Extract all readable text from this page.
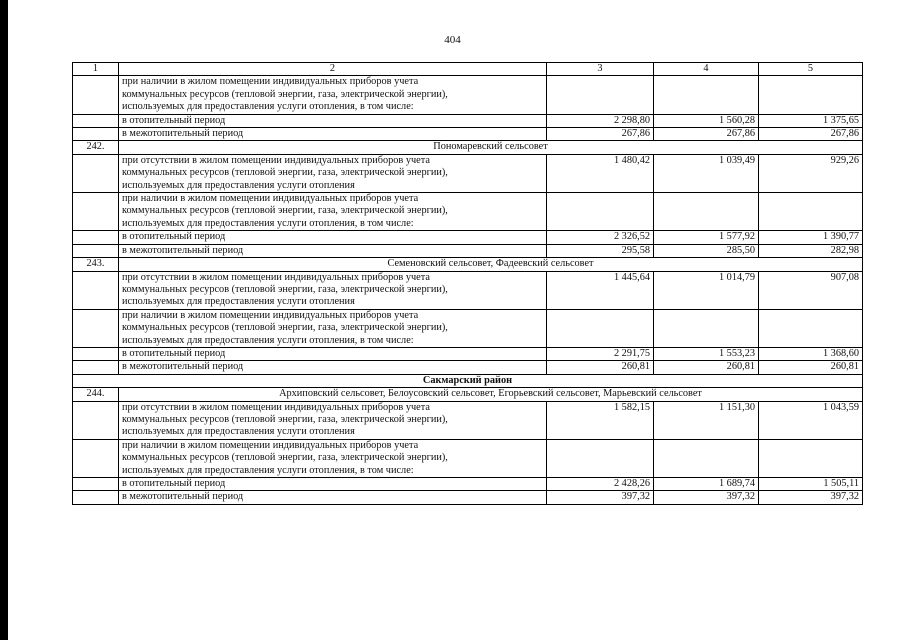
404
1	2	3	4	5

	при наличии в жилом помещении индивидуальных приборов учета
коммунальных ресурсов (тепловой энергии, газа, электрической энергии),
используемых для предоставления услуги отопления, в том числе:			

	в отопительный период	2 298,80	1 560,28	1 375,65
	в межотопительный период	267,86	267,86	267,86
242.	Пономаревский сельсовет			

	при отсутствии в жилом помещении индивидуальных приборов учета
коммунальных ресурсов (тепловой энергии, газа, электрической энергии),
используемых для предоставления услуги отопления	1 480,42	1 039,49	929,26

	при наличии в жилом помещении индивидуальных приборов учета
коммунальных ресурсов (тепловой энергии, газа, электрической энергии),
используемых для предоставления услуги отопления, в том числе:			

	в отопительный период	2 326,52	1 577,92	1 390,77
	в межотопительный период	295,58	285,50	282,98
243.	Семеновский сельсовет, Фадеевский сельсовет			

	при отсутствии в жилом помещении индивидуальных приборов учета
коммунальных ресурсов (тепловой энергии, газа, электрической энергии),
используемых для предоставления услуги отопления	1 445,64	1 014,79	907,08

	при наличии в жилом помещении индивидуальных приборов учета
коммунальных ресурсов (тепловой энергии, газа, электрической энергии),
используемых для предоставления услуги отопления, в том числе:			

	в отопительный период	2 291,75	1 553,23	1 368,60
	в межотопительный период	260,81	260,81	260,81
Сакмарский район				
244.	Архиповский сельсовет, Белоусовский сельсовет, Егорьевский сельсовет, Марьевский сельсовет			

	при отсутствии в жилом помещении индивидуальных приборов учета
коммунальных ресурсов (тепловой энергии, газа, электрической энергии),
используемых для предоставления услуги отопления	1 582,15	1 151,30	1 043,59

	при наличии в жилом помещении индивидуальных приборов учета
коммунальных ресурсов (тепловой энергии, газа, электрической энергии),
используемых для предоставления услуги отопления, в том числе:			

	в отопительный период	2 428,26	1 689,74	1 505,11
	в межотопительный период	397,32	397,32	397,32
